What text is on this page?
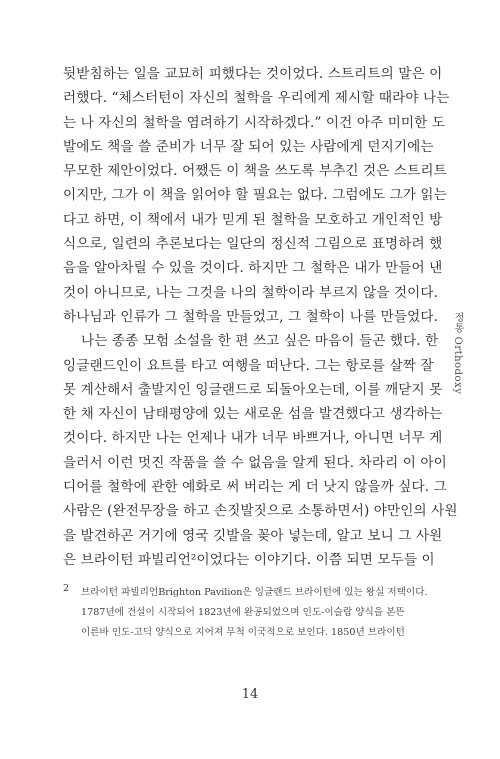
뒷받침하는 일을 교묘히 피했다는 것이었다. 스트리트의 말은 이
러했다. “체스터턴이 자신의 철학을 우리에게 제시할 때라야 나는
는 나 자신의 철학을 염려하기 시작하겠다.” 이건 아주 미미한 도
발에도 책을 쓸 준비가 너무 잘 되어 있는 사람에게 던지기에는
무모한 제안이었다. 어쨌든 이 책을 쓰도록 부추긴 것은 스트리트
이지만, 그가 이 책을 읽어야 할 필요는 없다. 그럼에도 그가 읽는
다고 하면, 이 책에서 내가 믿게 된 철학을 모호하고 개인적인 방
식으로, 일련의 추론보다는 일단의 정신적 그림으로 표명하려 했
음을 알아차릴 수 있을 것이다. 하지만 그 철학은 내가 만들어 낸
것이 아니므로, 나는 그것을 나의 철학이라 부르지 않을 것이다.
하나님과 인류가 그 철학을 만들었고, 그 철학이 나를 만들었다.
나는 종종 모험 소설을 한 편 쓰고 싶은 마음이 들곤 했다. 한
잉글랜드인이 요트를 타고 여행을 떠난다. 그는 항로를 살짝 잘
못 계산해서 출발지인 잉글랜드로 되돌아오는데, 이를 깨닫지 못
한 채 자신이 남태평양에 있는 새로운 섬을 발견했다고 생각하는
것이다. 하지만 나는 언제나 내가 너무 바쁘거나, 아니면 너무 게
을러서 이런 멋진 작품을 쓸 수 없음을 알게 된다. 차라리 이 아이
디어를 철학에 관한 예화로 써 버리는 게 더 낫지 않을까 싶다. 그
사람은 (완전무장을 하고 손짓발짓으로 소통하면서) 야만인의 사원
을 발견하곤 거기에 영국 깃발을 꽂아 넣는데, 알고 보니 그 사원
은 브라이턴 파빌리언²이었다는 이야기다. 이쯤 되면 모두들 이
정통 Orthodoxy
2 브라이턴 파빌리언Brighton Pavilion은 잉글랜드 브라이턴에 있는 왕실 저택이다.
1787년에 건설이 시작되어 1823년에 완공되었으며 인도-이슬람 양식을 본뜬
이른바 인도-고딕 양식으로 지어져 무척 이국적으로 보인다. 1850년 브라이턴
14
